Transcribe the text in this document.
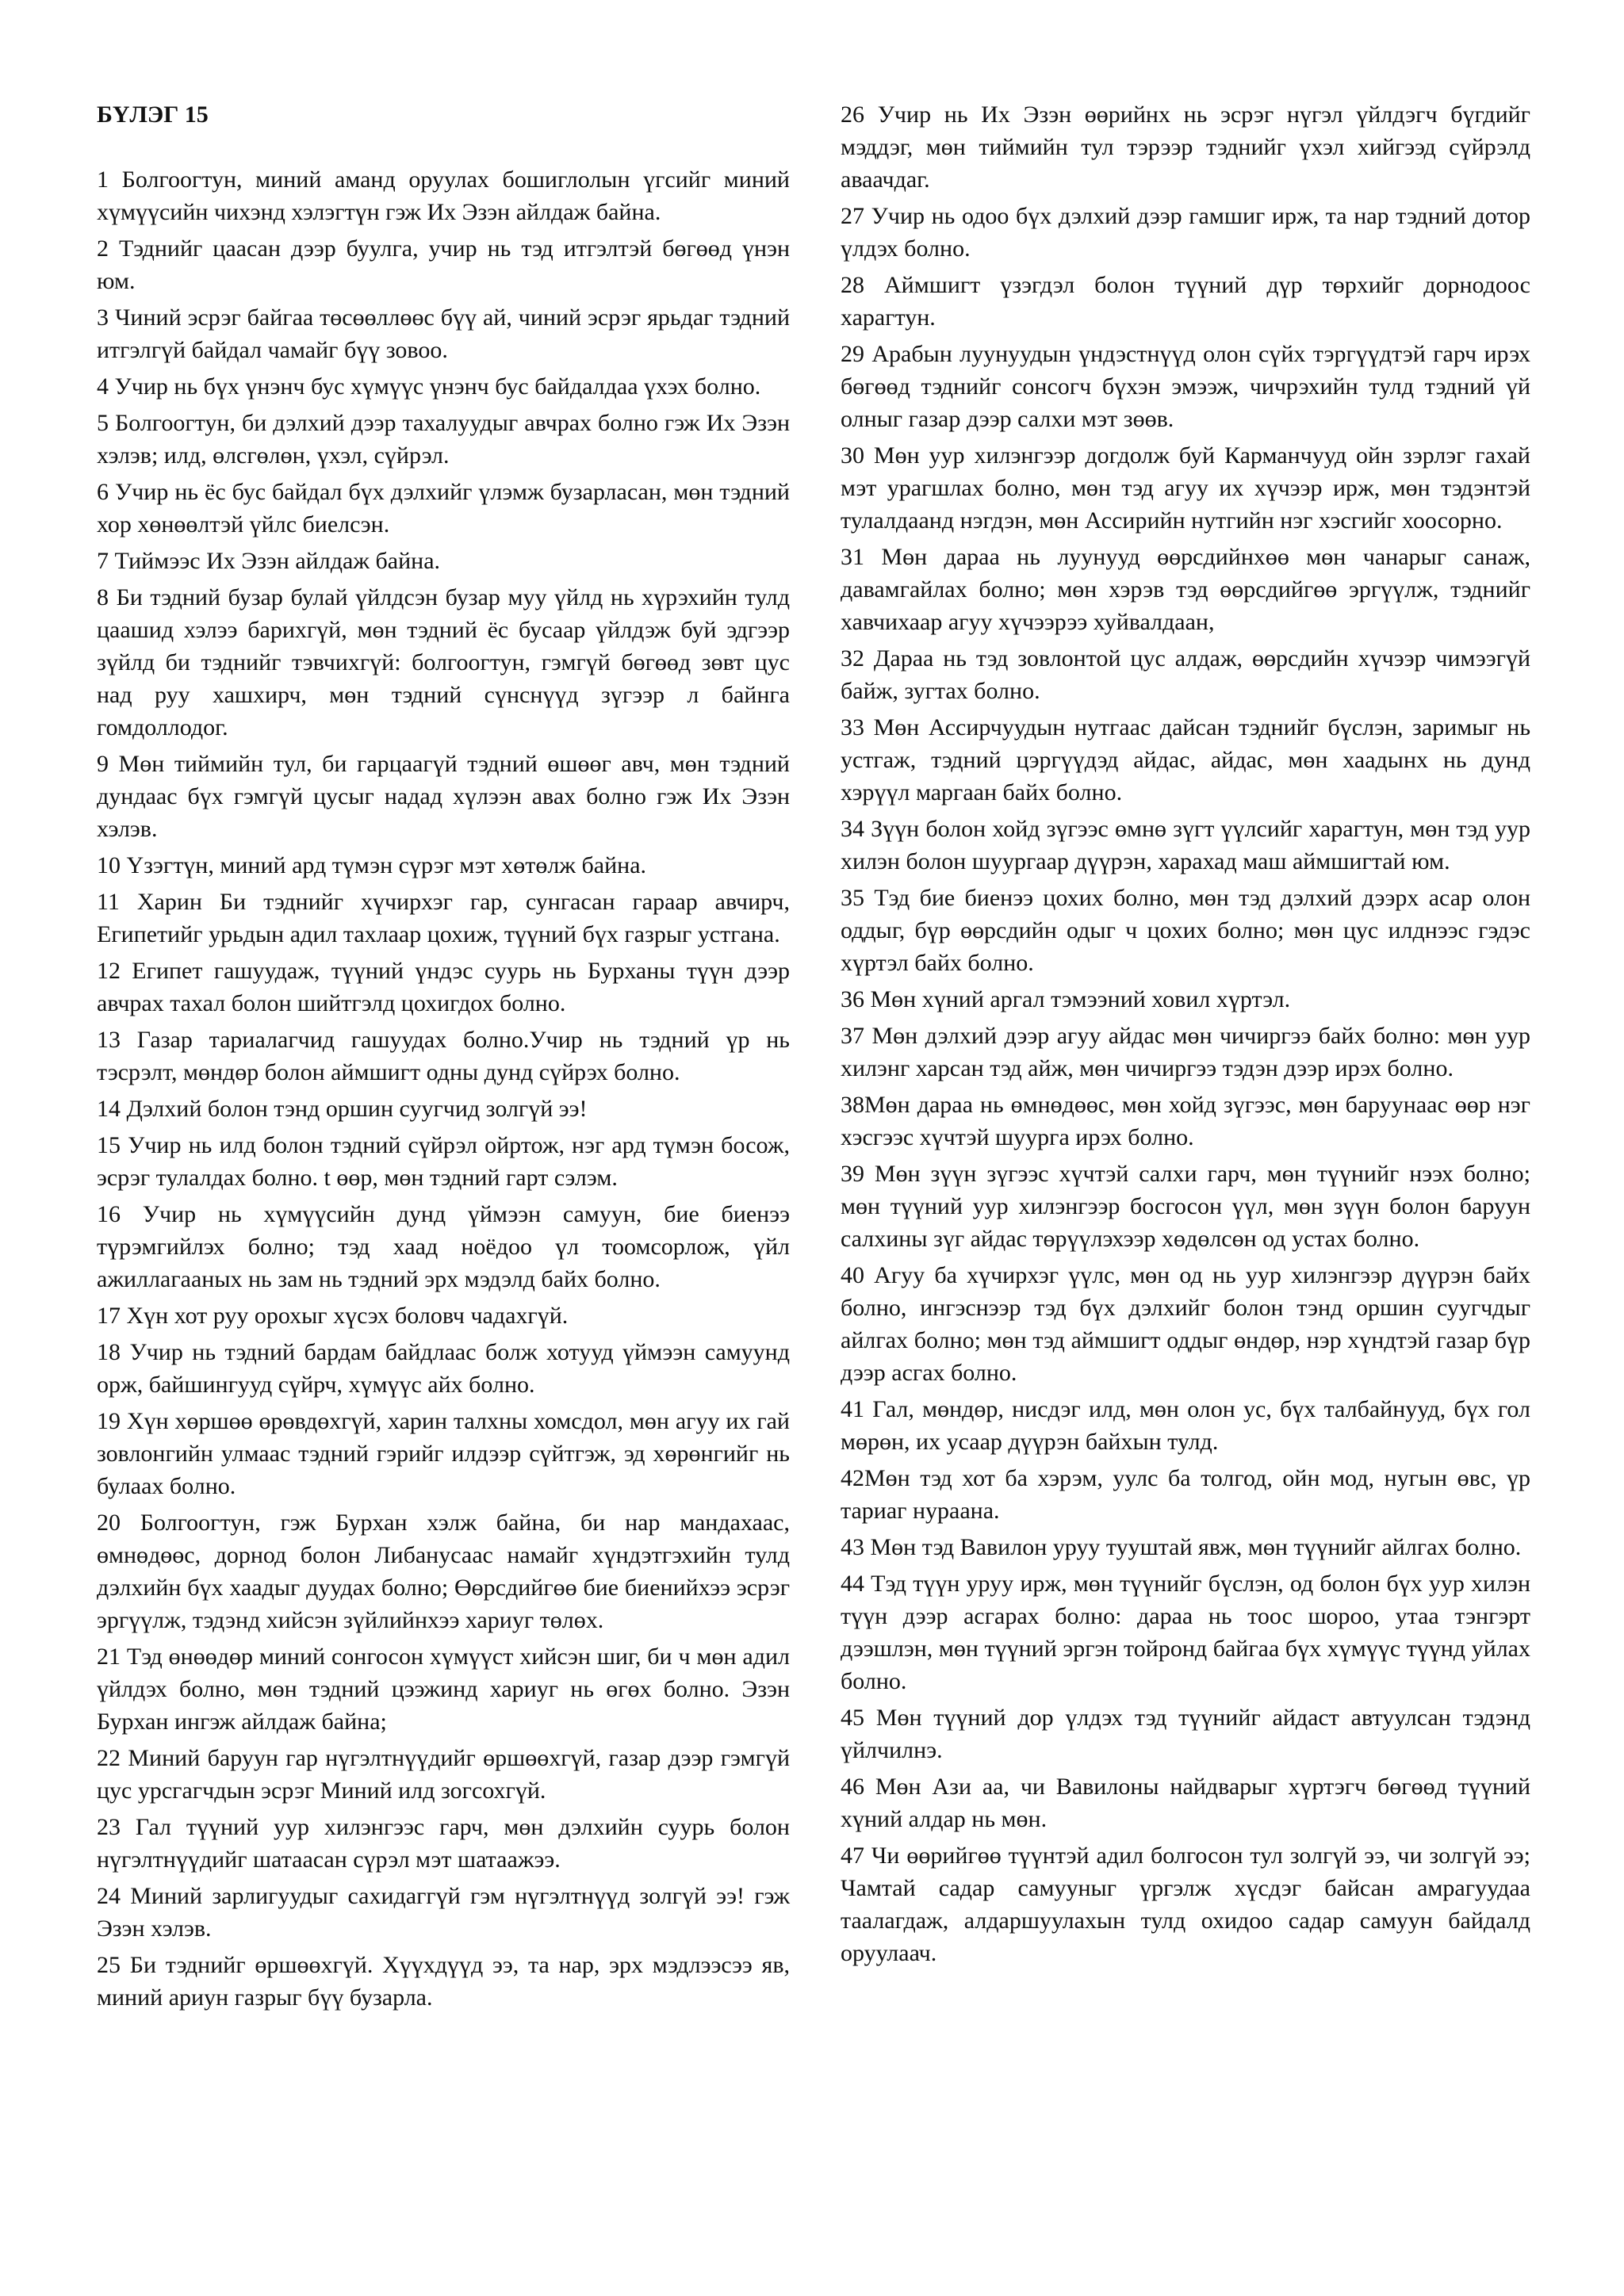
БҮЛЭГ 15
1 Болгоогтун, миний аманд оруулах бошиглолын үгсийг миний хүмүүсийн чихэнд хэлэгтүн гэж Их Эзэн айлдаж байна.
2 Тэднийг цаасан дээр буулга, учир нь тэд итгэлтэй бөгөөд үнэн юм.
3 Чиний эсрэг байгаа төсөөллөөс бүү ай, чиний эсрэг ярьдаг тэдний итгэлгүй байдал чамайг бүү зовоо.
4 Учир нь бүх үнэнч бус хүмүүс үнэнч бус байдалдаа үхэх болно.
5 Болгоогтун, би дэлхий дээр тахалуудыг авчрах болно гэж Их Эзэн хэлэв; илд, өлсгөлөн, үхэл, сүйрэл.
6 Учир нь ёс бус байдал бүх дэлхийг үлэмж бузарласан, мөн тэдний хор хөнөөлтэй үйлс биелсэн.
7 Тиймээс Их Эзэн айлдаж байна.
8 Би тэдний бузар булай үйлдсэн бузар муу үйлд нь хүрэхийн тулд цаашид хэлээ барихгүй, мөн тэдний ёс бусаар үйлдэж буй эдгээр зүйлд би тэднийг тэвчихгүй: болгоогтун, гэмгүй бөгөөд зөвт цус над руу хашхирч, мөн тэдний сүнснүүд зүгээр л байнга гомдоллодог.
9 Мөн тиймийн тул, би гарцаагүй тэдний өшөөг авч, мөн тэдний дундаас бүх гэмгүй цусыг надад хүлээн авах болно гэж Их Эзэн хэлэв.
10 Үзэгтүн, миний ард түмэн сүрэг мэт хөтөлж байна.
11 Харин Би тэднийг хүчирхэг гар, сунгасан гараар авчирч, Египетийг урьдын адил тахлаар цохиж, түүний бүх газрыг устгана.
12 Египет гашуудаж, түүний үндэс суурь нь Бурханы түүн дээр авчрах тахал болон шийтгэлд цохигдох болно.
13 Газар тариалагчид гашуудах болно.Учир нь тэдний үр нь тэсрэлт, мөндөр болон аймшигт одны дунд сүйрэх болно.
14 Дэлхий болон тэнд оршин суугчид золгүй ээ!
15 Учир нь илд болон тэдний сүйрэл ойртож, нэг ард түмэн босож, эсрэг тулалдах болно. t өөр, мөн тэдний гарт сэлэм.
16 Учир нь хүмүүсийн дунд үймээн самуун, бие биенээ түрэмгийлэх болно; тэд хаад ноёдоо үл тоомсорлож, үйл ажиллагааных нь зам нь тэдний эрх мэдэлд байх болно.
17 Хүн хот руу орохыг хүсэх боловч чадахгүй.
18 Учир нь тэдний бардам байдлаас болж хотууд үймээн самуунд орж, байшингууд сүйрч, хүмүүс айх болно.
19 Хүн хөршөө өрөвдөхгүй, харин талхны хомсдол, мөн агуу их гай зовлонгийн улмаас тэдний гэрийг илдээр сүйтгэж, эд хөрөнгийг нь булаах болно.
20 Болгоогтун, гэж Бурхан хэлж байна, би нар мандахаас, өмнөдөөс, дорнод болон Либанусаас намайг хүндэтгэхийн тулд дэлхийн бүх хаадыг дуудах болно; Өөрсдийгөө бие биенийхээ эсрэг эргүүлж, тэдэнд хийсэн зүйлийнхээ хариуг төлөх.
21 Тэд өнөөдөр миний сонгосон хүмүүст хийсэн шиг, би ч мөн адил үйлдэх болно, мөн тэдний цээжинд хариуг нь өгөх болно. Эзэн Бурхан ингэж айлдаж байна;
22 Миний баруун гар нүгэлтнүүдийг өршөөхгүй, газар дээр гэмгүй цус урсгагчдын эсрэг Миний илд зогсохгүй.
23 Гал түүний уур хилэнгээс гарч, мөн дэлхийн суурь болон нүгэлтнүүдийг шатаасан сүрэл мэт шатаажээ.
24 Миний зарлигуудыг сахидаггүй гэм нүгэлтнүүд золгүй ээ! гэж Эзэн хэлэв.
25 Би тэднийг өршөөхгүй. Хүүхдүүд ээ, та нар, эрх мэдлээсээ яв, миний ариун газрыг бүү бузарла.
26 Учир нь Их Эзэн өөрийнх нь эсрэг нүгэл үйлдэгч бүгдийг мэддэг, мөн тиймийн тул тэрээр тэднийг үхэл хийгээд сүйрэлд аваачдаг.
27 Учир нь одоо бүх дэлхий дээр гамшиг ирж, та нар тэдний дотор үлдэх болно.
28 Аймшигт үзэгдэл болон түүний дүр төрхийг дорнодоос харагтун.
29 Арабын луунуудын үндэстнүүд олон сүйх тэргүүдтэй гарч ирэх бөгөөд тэднийг сонсогч бүхэн эмээж, чичрэхийн тулд тэдний үй олныг газар дээр салхи мэт зөөв.
30 Мөн уур хилэнгээр догдолж буй Карманчууд ойн зэрлэг гахай мэт урагшлах болно, мөн тэд агуу их хүчээр ирж, мөн тэдэнтэй тулалдаанд нэгдэн, мөн Ассирийн нутгийн нэг хэсгийг хоосорно.
31 Мөн дараа нь луунууд өөрсдийнхөө мөн чанарыг санаж, давамгайлах болно; мөн хэрэв тэд өөрсдийгөө эргүүлж, тэднийг хавчихаар агуу хүчээрээ хуйвалдаан,
32 Дараа нь тэд зовлонтой цус алдаж, өөрсдийн хүчээр чимээгүй байж, зугтах болно.
33 Мөн Ассирчуудын нутгаас дайсан тэднийг бүслэн, заримыг нь устгаж, тэдний цэргүүдэд айдас, айдас, мөн хаадынх нь дунд хэрүүл маргаан байх болно.
34 Зүүн болон хойд зүгээс өмнө зүгт үүлсийг харагтун, мөн тэд уур хилэн болон шуургаар дүүрэн, харахад маш аймшигтай юм.
35 Тэд бие биенээ цохих болно, мөн тэд дэлхий дээрх асар олон оддыг, бүр өөрсдийн одыг ч цохих болно; мөн цус илднээс гэдэс хүртэл байх болно.
36 Мөн хүний аргал тэмээний ховил хүртэл.
37 Мөн дэлхий дээр агуу айдас мөн чичиргээ байх болно: мөн уур хилэнг харсан тэд айж, мөн чичиргээ тэдэн дээр ирэх болно.
38Мөн дараа нь өмнөдөөс, мөн хойд зүгээс, мөн баруунаас өөр нэг хэсгээс хүчтэй шуурга ирэх болно.
39 Мөн зүүн зүгээс хүчтэй салхи гарч, мөн түүнийг нээх болно; мөн түүний уур хилэнгээр босгосон үүл, мөн зүүн болон баруун салхины зүг айдас төрүүлэхээр хөдөлсөн од устах болно.
40 Агуу ба хүчирхэг үүлс, мөн од нь уур хилэнгээр дүүрэн байх болно, ингэснээр тэд бүх дэлхийг болон тэнд оршин суугчдыг айлгах болно; мөн тэд аймшигт оддыг өндөр, нэр хүндтэй газар бүр дээр асгах болно.
41 Гал, мөндөр, нисдэг илд, мөн олон ус, бүх талбайнууд, бүх гол мөрөн, их усаар дүүрэн байхын тулд.
42Мөн тэд хот ба хэрэм, уулс ба толгод, ойн мод, нугын өвс, үр тариаг нураана.
43 Мөн тэд Вавилон уруу тууштай явж, мөн түүнийг айлгах болно.
44 Тэд түүн уруу ирж, мөн түүнийг бүслэн, од болон бүх уур хилэн түүн дээр асгарах болно: дараа нь тоос шороо, утаа тэнгэрт дээшлэн, мөн түүний эргэн тойронд байгаа бүх хүмүүс түүнд уйлах болно.
45 Мөн түүний дор үлдэх тэд түүнийг айдаст автуулсан тэдэнд үйлчилнэ.
46 Мөн Ази аа, чи Вавилоны найдварыг хүртэгч бөгөөд түүний хүний алдар нь мөн.
47 Чи өөрийгөө түүнтэй адил болгосон тул золгүй ээ, чи золгүй ээ; Чамтай садар самууныг үргэлж хүсдэг байсан амрагуудаа таалагдаж, алдаршуулахын тулд охидоо садар самуун байдалд оруулаач.
